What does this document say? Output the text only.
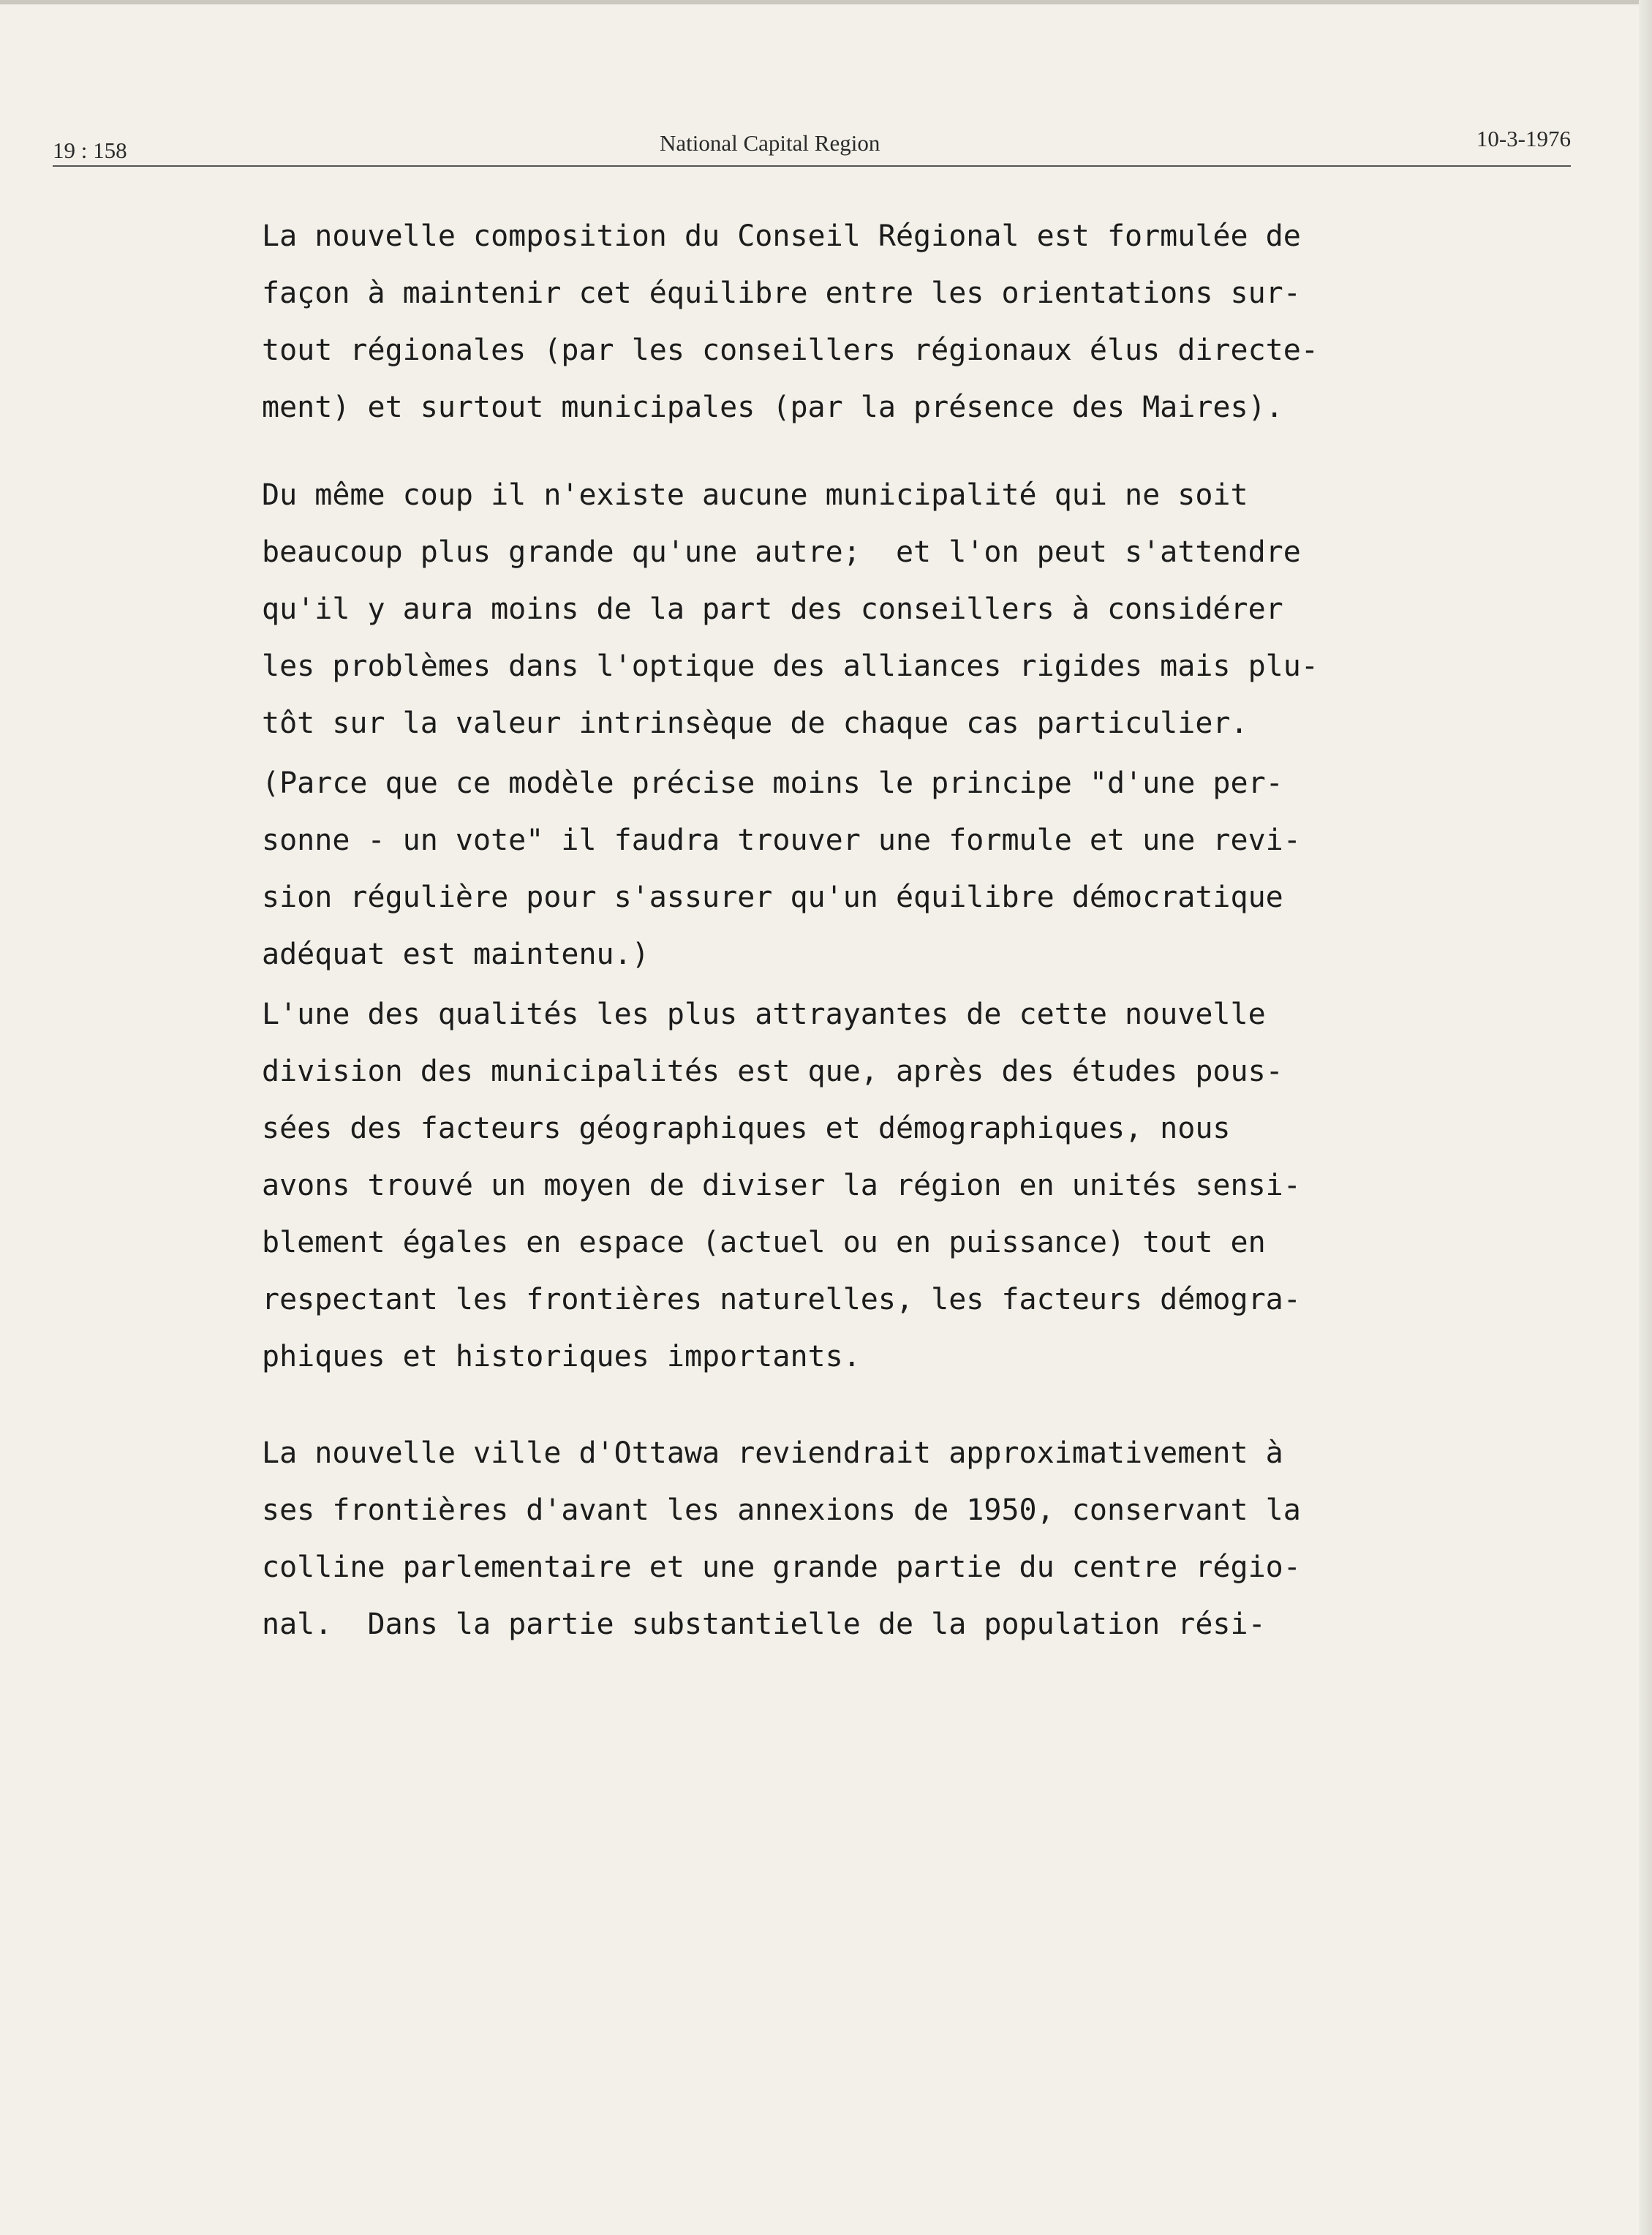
19 : 158	National Capital Region	10-3-1976
La nouvelle composition du Conseil Régional est formulée de
façon à maintenir cet équilibre entre les orientations sur-
tout régionales (par les conseillers régionaux élus directe-
ment) et surtout municipales (par la présence des Maires).
Du même coup il n'existe aucune municipalité qui ne soit
beaucoup plus grande qu'une autre;  et l'on peut s'attendre
qu'il y aura moins de la part des conseillers à considérer
les problèmes dans l'optique des alliances rigides mais plu-
tôt sur la valeur intrinsèque de chaque cas particulier.
(Parce que ce modèle précise moins le principe "d'une per-
sonne - un vote" il faudra trouver une formule et une revi-
sion régulière pour s'assurer qu'un équilibre démocratique
adéquat est maintenu.)
L'une des qualités les plus attrayantes de cette nouvelle
division des municipalités est que, après des études pous-
sées des facteurs géographiques et démographiques, nous
avons trouvé un moyen de diviser la région en unités sensi-
blement égales en espace (actuel ou en puissance) tout en
respectant les frontières naturelles, les facteurs démogra-
phiques et historiques importants.
La nouvelle ville d'Ottawa reviendrait approximativement à
ses frontières d'avant les annexions de 1950, conservant la
colline parlementaire et une grande partie du centre régio-
nal.  Dans la partie substantielle de la population rési-
